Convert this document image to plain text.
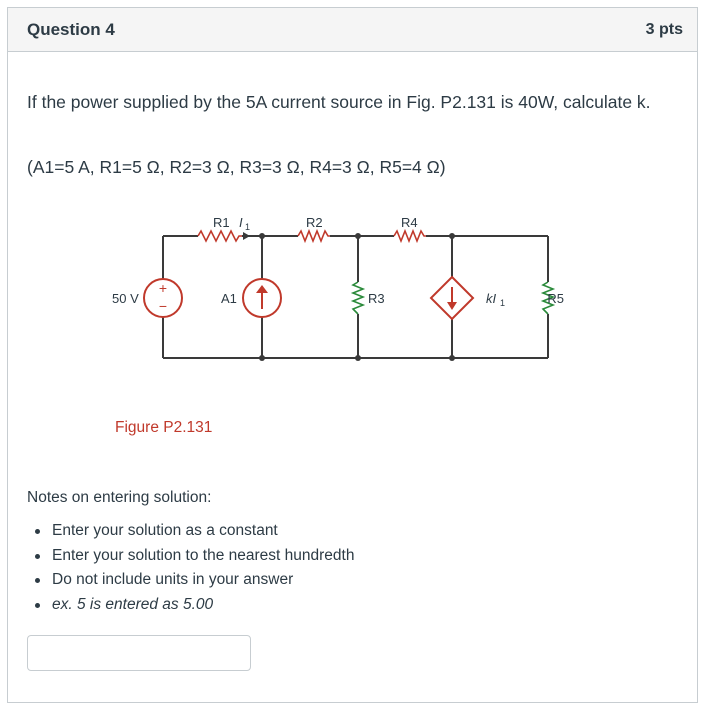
Question 4	3 pts
If the power supplied by the 5A current source in Fig. P2.131 is 40W, calculate k.
(A1=5 A, R1=5 Ω, R2=3 Ω, R3=3 Ω, R4=3 Ω, R5=4 Ω)
+
−
R1 I 1	R2	R4
50 V	A1	R3	kI 1	R5
Figure P2.131
Notes on entering solution:
Enter your solution as a constant
Enter your solution to the nearest hundredth
Do not include units in your answer
ex. 5 is entered as 5.00
